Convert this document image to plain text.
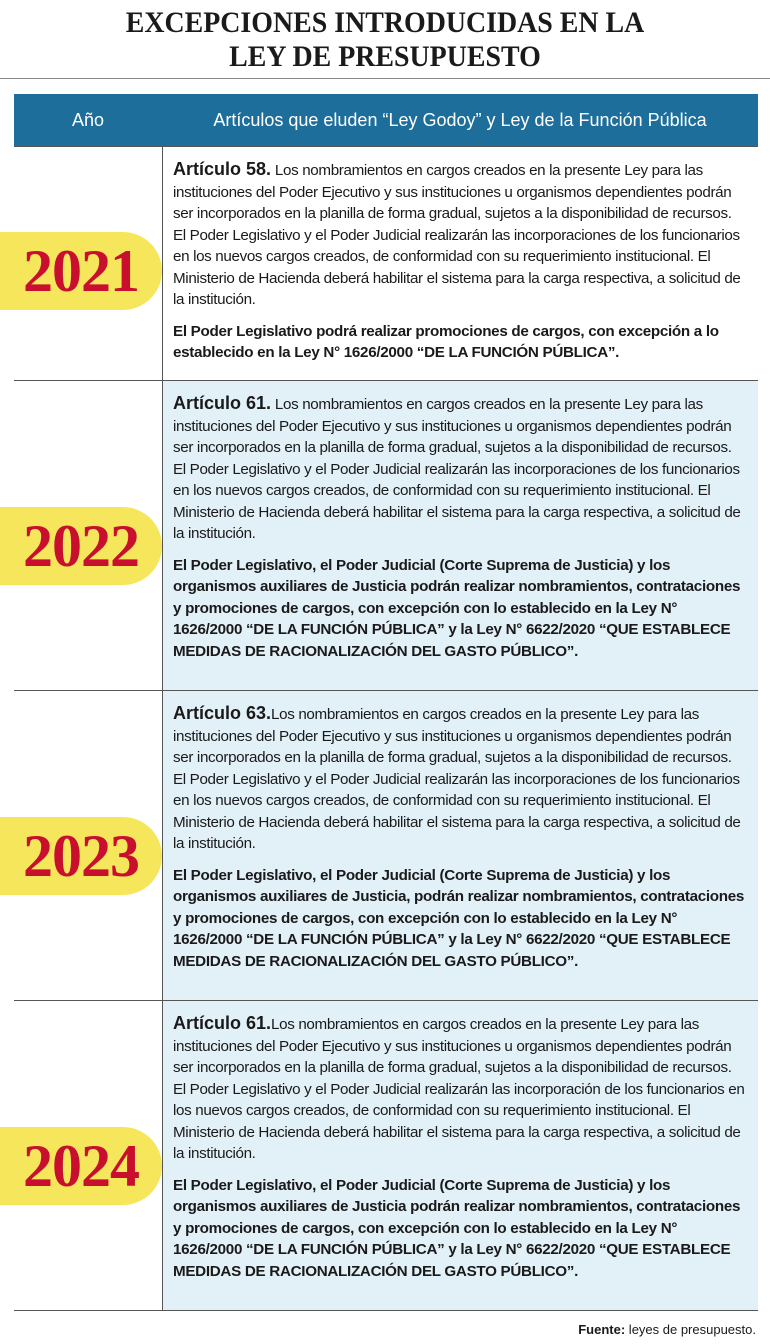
EXCEPCIONES INTRODUCIDAS EN LA
LEY DE PRESUPUESTO
Año	Artículos que eluden “Ley Godoy” y Ley de la Función Pública

Artículo 58. Los nombramientos en cargos creados en la presente Ley para las instituciones del Poder Ejecutivo y sus instituciones u organismos dependientes podrán ser incorporados en la planilla de forma gradual, sujetos a la disponibilidad de recursos. El Poder Legislativo y el Poder Judicial realizarán las incorporaciones de los funcionarios en los nuevos cargos creados, de conformidad con su requerimiento institucional. El Ministerio de Hacienda deberá habilitar el sistema para la carga respectiva, a solicitud de la institución.

El Poder Legislativo podrá realizar promociones de cargos, con excepción a lo establecido en la Ley N° 1626/2000 “DE LA FUNCIÓN PÚBLICA”.

Artículo 61. Los nombramientos en cargos creados en la presente Ley para las instituciones del Poder Ejecutivo y sus instituciones u organismos dependientes podrán ser incorporados en la planilla de forma gradual, sujetos a la disponibilidad de recursos. El Poder Legislativo y el Poder Judicial realizarán las incorporaciones de los funcionarios en los nuevos cargos creados, de conformidad con su requerimiento institucional. El Ministerio de Hacienda deberá habilitar el sistema para la carga respectiva, a solicitud de la institución.

El Poder Legislativo, el Poder Judicial (Corte Suprema de Justicia) y los organismos auxiliares de Justicia podrán realizar nombramientos, contrataciones y promociones de cargos, con excepción con lo establecido en la Ley N° 1626/2000 “DE LA FUNCIÓN PÚBLICA” y la Ley N° 6622/2020 “QUE ESTABLECE MEDIDAS DE RACIONALIZACIÓN DEL GASTO PÚBLICO”.

Artículo 63.Los nombramientos en cargos creados en la presente Ley para las instituciones del Poder Ejecutivo y sus instituciones u organismos dependientes podrán ser incorporados en la planilla de forma gradual, sujetos a la disponibilidad de recursos. El Poder Legislativo y el Poder Judicial realizarán las incorporaciones de los funcionarios en los nuevos cargos creados, de conformidad con su requerimiento institucional. El Ministerio de Hacienda deberá habilitar el sistema para la carga respectiva, a solicitud de la institución.

El Poder Legislativo, el Poder Judicial (Corte Suprema de Justicia) y los organismos auxiliares de Justicia, podrán realizar nombramientos, contrataciones y promociones de cargos, con excepción con lo establecido en la Ley N° 1626/2000 “DE LA FUNCIÓN PÚBLICA” y la Ley N° 6622/2020 “QUE ESTABLECE MEDIDAS DE RACIONALIZACIÓN DEL GASTO PÚBLICO”.

Artículo 61.Los nombramientos en cargos creados en la presente Ley para las instituciones del Poder Ejecutivo y sus instituciones u organismos dependientes podrán ser incorporados en la planilla de forma gradual, sujetos a la disponibilidad de recursos. El Poder Legislativo y el Poder Judicial realizarán las incorporación de los funcionarios en los nuevos cargos creados, de conformidad con su requerimiento institucional. El Ministerio de Hacienda deberá habilitar el sistema para la carga respectiva, a solicitud de la institución.

El Poder Legislativo, el Poder Judicial (Corte Suprema de Justicia) y los organismos auxiliares de Justicia podrán realizar nombramientos, contrataciones y promociones de cargos, con excepción con lo establecido en la Ley N° 1626/2000 “DE LA FUNCIÓN PÚBLICA” y la Ley N° 6622/2020 “QUE ESTABLECE MEDIDAS DE RACIONALIZACIÓN DEL GASTO PÚBLICO”.

2021
2022
2023
2024
Fuente: leyes de presupuesto.
